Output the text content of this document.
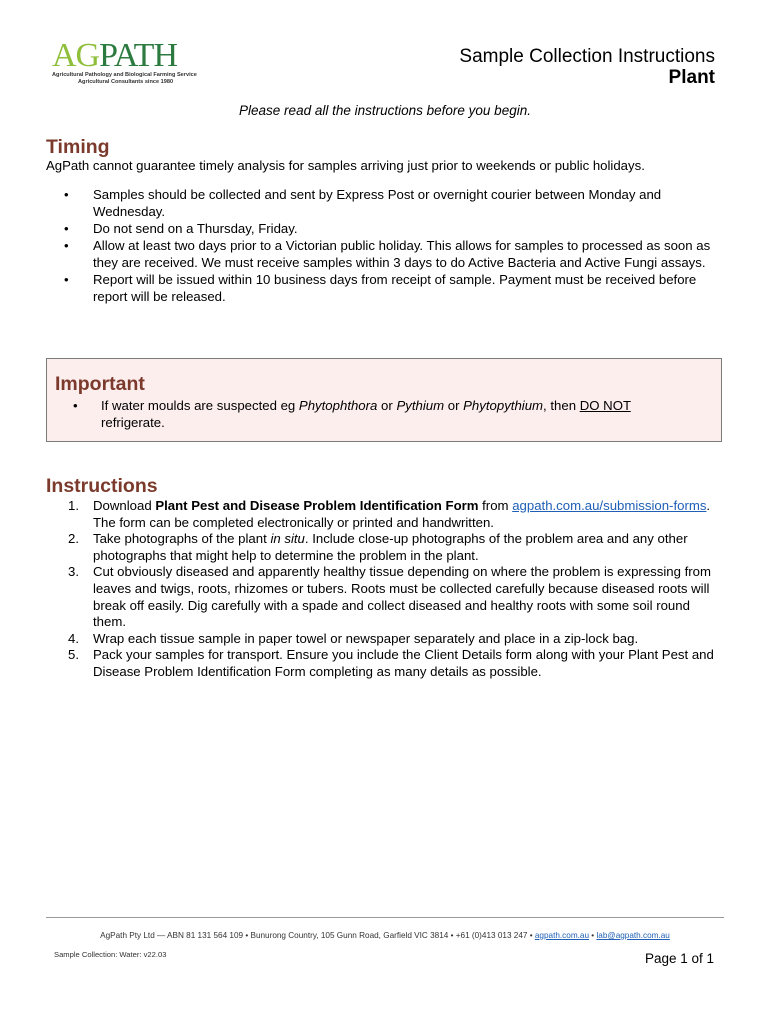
AGPATH
Agricultural Pathology and Biological Farming Service
Agricultural Consultants since 1980
Sample Collection Instructions
Plant
Please read all the instructions before you begin.
Timing
AgPath cannot guarantee timely analysis for samples arriving just prior to weekends or public holidays.
• Samples should be collected and sent by Express Post or overnight courier between Monday and Wednesday.
• Do not send on a Thursday, Friday.
• Allow at least two days prior to a Victorian public holiday. This allows for samples to processed as soon as they are received. We must receive samples within 3 days to do Active Bacteria and Active Fungi assays.
• Report will be issued within 10 business days from receipt of sample. Payment must be received before report will be released.
Important
• If water moulds are suspected eg Phytophthora or Pythium or Phytopythium, then DO NOT refrigerate.
Instructions
1. Download Plant Pest and Disease Problem Identification Form from agpath.com.au/submission-forms. The form can be completed electronically or printed and handwritten.
2. Take photographs of the plant in situ. Include close-up photographs of the problem area and any other photographs that might help to determine the problem in the plant.
3. Cut obviously diseased and apparently healthy tissue depending on where the problem is expressing from leaves and twigs, roots, rhizomes or tubers. Roots must be collected carefully because diseased roots will break off easily. Dig carefully with a spade and collect diseased and healthy roots with some soil round them.
4. Wrap each tissue sample in paper towel or newspaper separately and place in a zip-lock bag.
5. Pack your samples for transport. Ensure you include the Client Details form along with your Plant Pest and Disease Problem Identification Form completing as many details as possible.
AgPath Pty Ltd — ABN 81 131 564 109 • Bunurong Country, 105 Gunn Road, Garfield VIC 3814 • +61 (0)413 013 247 • agpath.com.au • lab@agpath.com.au
Sample Collection: Water: v22.03	Page 1 of 1
